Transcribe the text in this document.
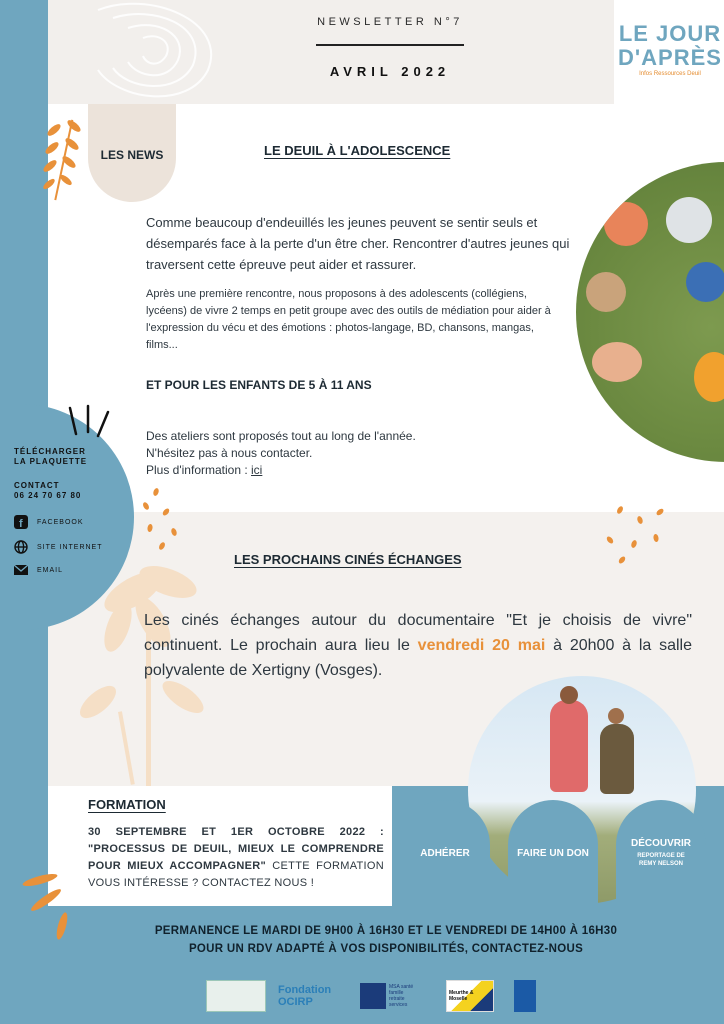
NEWSLETTER N°7
AVRIL 2022
LE JOUR
D'APRÈS
Infos Ressources Deuil
LES NEWS	LE DEUIL À L'ADOLESCENCE
Comme beaucoup d'endeuillés les jeunes peuvent se sentir seuls et désemparés face à la perte d'un être cher. Rencontrer d'autres jeunes qui traversent cette épreuve peut aider et rassurer.
Après une première rencontre, nous proposons à des adolescents (collégiens, lycéens) de vivre 2 temps en petit groupe avec des outils de médiation pour aider à l'expression du vécu et des émotions : photos-langage, BD, chansons, mangas, films...
ET POUR LES ENFANTS DE 5 À 11 ANS
Des ateliers sont proposés tout au long de l'année.
N'hésitez pas à nous contacter.
Plus d'information : ici
TÉLÉCHARGER
LA PLAQUETTE
CONTACT
06 24 70 67 80
f FACEBOOK
SITE INTERNET
EMAIL
LES PROCHAINS CINÉS ÉCHANGES
Les cinés échanges autour du documentaire "Et je choisis de vivre" continuent. Le prochain aura lieu le vendredi 20 mai à 20h00 à la salle polyvalente de Xertigny (Vosges).
FORMATION
30 SEPTEMBRE ET 1ER OCTOBRE 2022 : "PROCESSUS DE DEUIL, MIEUX LE COMPRENDRE POUR MIEUX ACCOMPAGNER" CETTE FORMATION VOUS INTÉRESSE ? CONTACTEZ NOUS !
ADHÉRER	FAIRE UN DON
DÉCOUVRIR
REPORTAGE DE
REMY NELSON
PERMANENCE LE MARDI DE 9H00 À 16H30 ET LE VENDREDI DE 14H00 À 16H30
POUR UN RDV ADAPTÉ À VOS DISPONIBILITÉS, CONTACTEZ-NOUS
Fondation OCIRP
MSA santé famille retraite services
Meurthe & Moselle
